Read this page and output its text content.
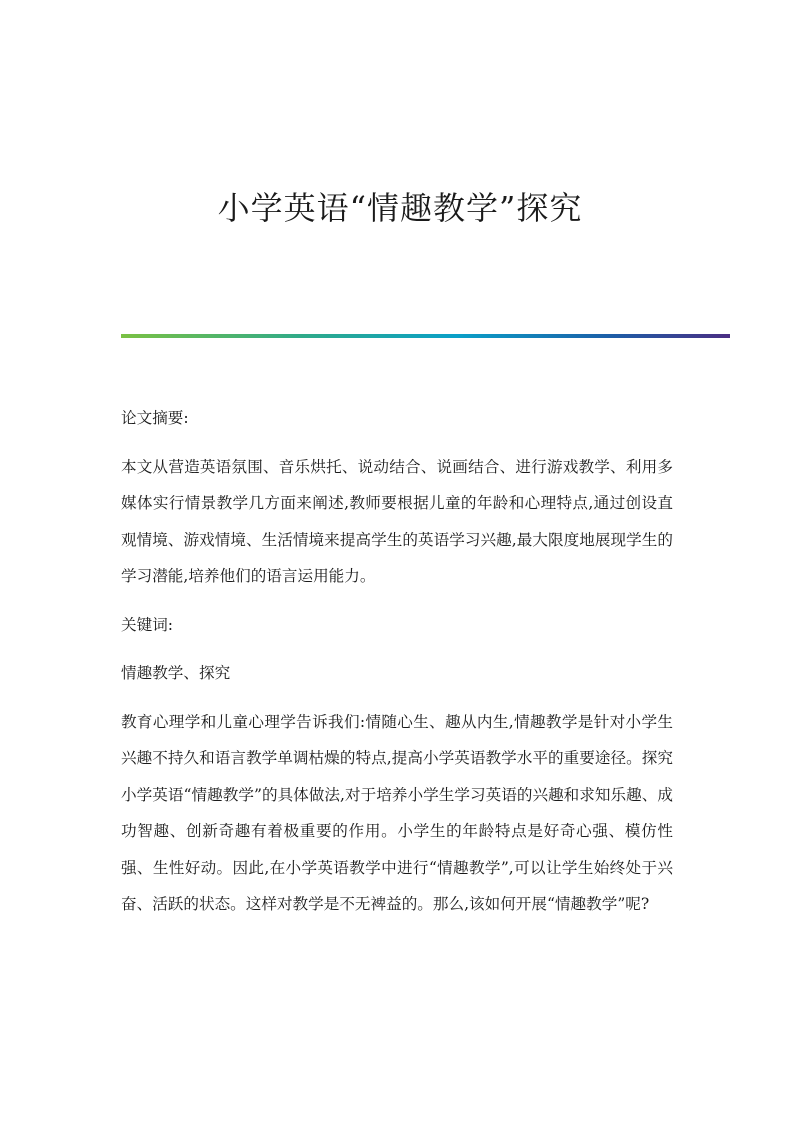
小学英语“情趣教学”探究

论文摘要:

本文从营造英语氛围、音乐烘托、说动结合、说画结合、进行游戏教学、利用多媒体实行情景教学几方面来阐述,教师要根据儿童的年龄和心理特点,通过创设直观情境、游戏情境、生活情境来提高学生的英语学习兴趣,最大限度地展现学生的学习潜能,培养他们的语言运用能力。

关键词:

情趣教学、探究

教育心理学和儿童心理学告诉我们:情随心生、趣从内生,情趣教学是针对小学生兴趣不持久和语言教学单调枯燥的特点,提高小学英语教学水平的重要途径。探究小学英语“情趣教学”的具体做法,对于培养小学生学习英语的兴趣和求知乐趣、成功智趣、创新奇趣有着极重要的作用。小学生的年龄特点是好奇心强、模仿性强、生性好动。因此,在小学英语教学中进行“情趣教学”,可以让学生始终处于兴奋、活跃的状态。这样对教学是不无裨益的。那么,该如何开展“情趣教学”呢?
